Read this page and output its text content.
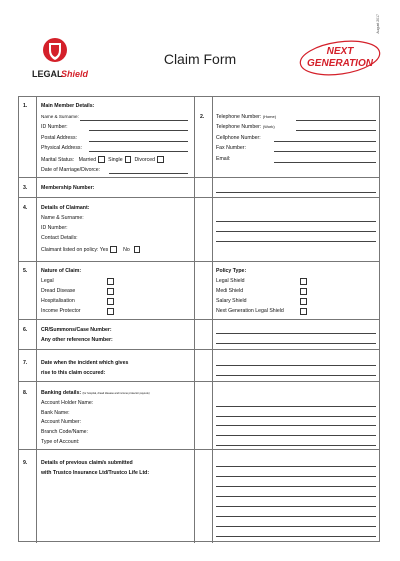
August 2017
LEGAL
Shield
Claim Form	NEXT
GENERATION
1.	Main Member Details:
Name & Surname:
ID Number:
Postal Address:
Physical Address:
Marital Status: Married Single Divorced
Date of Marriage/Divorce:
2. Telephone Number: (Home)
Telephone Number: (Work)
Cellphone Number:
Fax Number:
Email:
3.	Membership Number:
4.	Details of Claimant:
Name & Surname:
ID Number:
Contact Details:
Claimant listed on policy: Yes	No
5.	Nature of Claim:
Legal
Dread Disease
Hospitalisation
Income Protector
Policy Type:
Legal Shield
Medi Shield
Salary Shield
Next Generation Legal Shield
6.	CR/Summons/Case Number:
Any other reference Number:
7.	Date when the incident which gives
rise to this claim occured:
8.	Banking details: (for hospital, dread disease and income protector payouts)
Account Holder Name:
Bank Name:
Account Number:
Branch Code/Name:
Type of Account:
9.	Details of previous claim/s submitted
with Trustco Insurance Ltd/Trustco Life Ltd:
